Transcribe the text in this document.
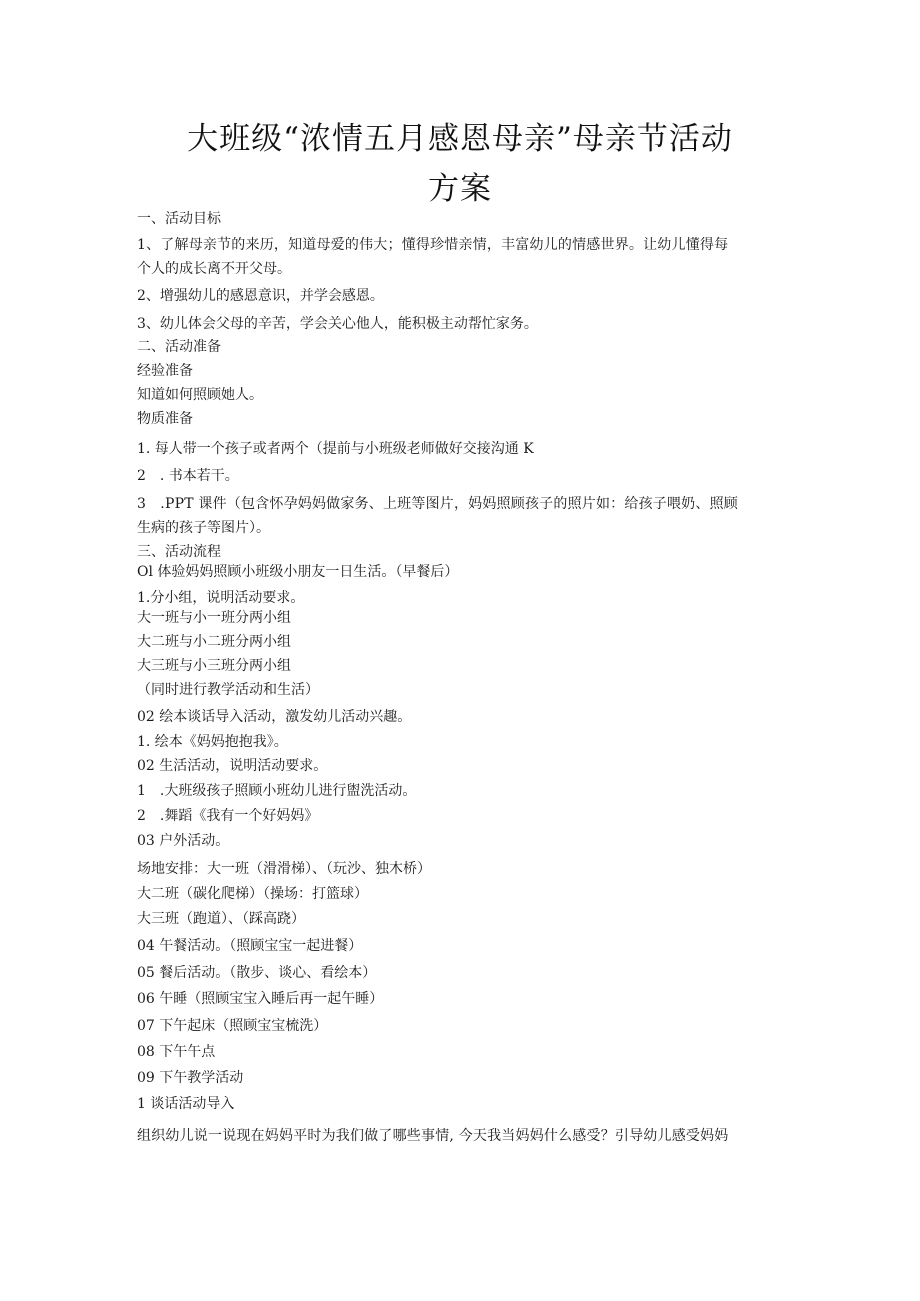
大班级“浓情五月感恩母亲”母亲节活动
方案
一、活动目标
1、了解母亲节的来历，知道母爱的伟大；懂得珍惜亲情，丰富幼儿的情感世界。让幼儿懂得每
个人的成长离不开父母。
2、增强幼儿的感恩意识，并学会感恩。
3、幼儿体会父母的辛苦，学会关心他人，能积极主动帮忙家务。
二、活动准备
经验准备
知道如何照顾她人。
物质准备
1. 每人带一个孩子或者两个（提前与小班级老师做好交接沟通 K
2　. 书本若干。
3　.PPT 课件（包含怀孕妈妈做家务、上班等图片，妈妈照顾孩子的照片如：给孩子喂奶、照顾
生病的孩子等图片）。
三、活动流程
Ol 体验妈妈照顾小班级小朋友一日生活。（早餐后）
1.分小组，说明活动要求。
大一班与小一班分两小组
大二班与小二班分两小组
大三班与小三班分两小组
（同时进行教学活动和生活）
02 绘本谈话导入活动，激发幼儿活动兴趣。
1. 绘本《妈妈抱抱我》。
02 生活活动，说明活动要求。
1　.大班级孩子照顾小班幼儿进行盥洗活动。
2　.舞蹈《我有一个好妈妈》
03 户外活动。
场地安排：大一班（滑滑梯）、（玩沙、独木桥）
大二班（碳化爬梯）（操场：打篮球）
大三班（跑道）、（踩高跷）
04 午餐活动。（照顾宝宝一起进餐）
05 餐后活动。（散步、谈心、看绘本）
06 午睡（照顾宝宝入睡后再一起午睡）
07 下午起床（照顾宝宝梳洗）
08 下午午点
09 下午教学活动
1 谈话活动导入
组织幼儿说一说现在妈妈平时为我们做了哪些事情, 今天我当妈妈什么感受？引导幼儿感受妈妈
